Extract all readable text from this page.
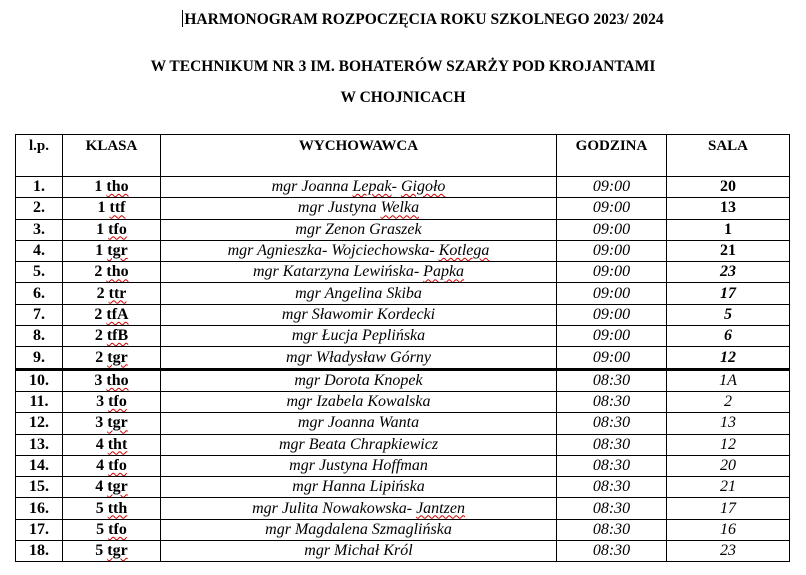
HARMONOGRAM ROZPOCZĘCIA ROKU SZKOLNEGO 2023/ 2024
W TECHNIKUM NR 3 IM. BOHATERÓW SZARŻY POD KROJANTAMI
W CHOJNICACH
l.p.	KLASA	WYCHOWAWCA	GODZINA	SALA
1.	1 tho	mgr Joanna Lepak- Gigoło	09:00	20
2.	1 ttf	mgr Justyna Welka	09:00	13
3.	1 tfo	mgr Zenon Graszek	09:00	1
4.	1 tgr	mgr Agnieszka- Wojciechowska- Kotlega	09:00	21
5.	2 tho	mgr Katarzyna Lewińska- Papka	09:00	23
6.	2 ttr	mgr Angelina Skiba	09:00	17
7.	2 tfA	mgr Sławomir Kordecki	09:00	5
8.	2 tfB	mgr Łucja Peplińska	09:00	6
9.	2 tgr	mgr Władysław Górny	09:00	12
10.	3 tho	mgr Dorota Knopek	08:30	1A
11.	3 tfo	mgr Izabela Kowalska	08:30	2
12.	3 tgr	mgr Joanna Wanta	08:30	13
13.	4 tht	mgr Beata Chrapkiewicz	08:30	12
14.	4 tfo	mgr Justyna Hoffman	08:30	20
15.	4 tgr	mgr Hanna Lipińska	08:30	21
16.	5 tth	mgr Julita Nowakowska- Jantzen	08:30	17
17.	5 tfo	mgr Magdalena Szmaglińska	08:30	16
18.	5 tgr	mgr Michał Król	08:30	23
